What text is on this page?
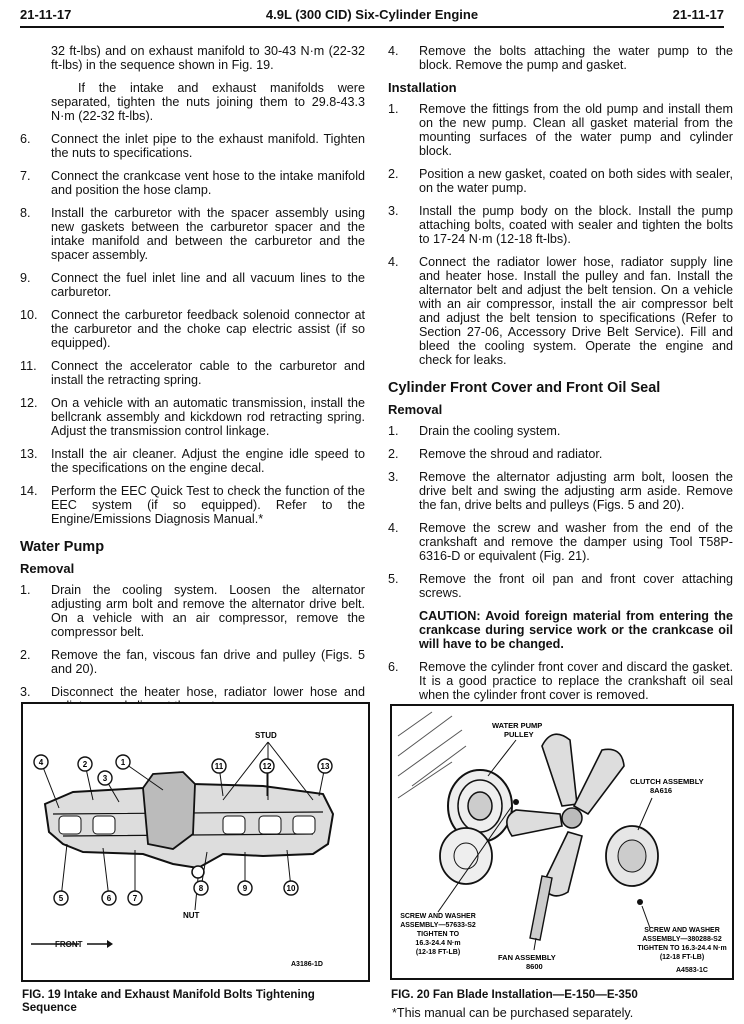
21-11-17	4.9L (300 CID) Six-Cylinder Engine	21-11-17

32 ft-lbs) and on exhaust manifold to 30-43 N·m (22-32 ft-lbs) in the sequence shown in Fig. 19.

If the intake and exhaust manifolds were separated, tighten the nuts joining them to 29.8-43.3 N·m (22-32 ft-lbs).

6.	Connect the inlet pipe to the exhaust manifold. Tighten the nuts to specifications.
7.	Connect the crankcase vent hose to the intake manifold and position the hose clamp.
8.	Install the carburetor with the spacer assembly using new gaskets between the carburetor spacer and the intake manifold and between the carburetor and the spacer assembly.
9.	Connect the fuel inlet line and all vacuum lines to the carburetor.
10.	Connect the carburetor feedback solenoid connector at the carburetor and the choke cap electric assist (if so equipped).
11.	Connect the accelerator cable to the carburetor and install the retracting spring.
12.	On a vehicle with an automatic transmission, install the bellcrank assembly and kickdown rod retracting spring. Adjust the transmission control linkage.
13.	Install the air cleaner. Adjust the engine idle speed to the specifications on the engine decal.
14.	Perform the EEC Quick Test to check the function of the EEC system (if so equipped). Refer to the Engine/Emissions Diagnosis Manual.*
Water Pump
Removal
1.	Drain the cooling system. Loosen the alternator adjusting arm bolt and remove the alternator drive belt. On a vehicle with an air compressor, remove the compressor belt.
2.	Remove the fan, viscous fan drive and pulley (Figs. 5 and 20).
3.	Disconnect the heater hose, radiator lower hose and
4.	Remove the bolts attaching the water pump to the block. Remove the pump and gasket.
Installation
1.	Remove the fittings from the old pump and install them on the new pump. Clean all gasket material from the mounting surfaces of the water pump and cylinder block.
2.	Position a new gasket, coated on both sides with sealer, on the water pump.
3.	Install the pump body on the block. Install the pump attaching bolts, coated with sealer and tighten the bolts to 17-24 N·m (12-18 ft-lbs).
4.	Connect the radiator lower hose, radiator supply line and heater hose. Install the pulley and fan. Install the alternator belt and adjust the belt tension. On a vehicle with an air compressor, install the air compressor belt and adjust the belt tension to specifications (Refer to Section 27-06, Accessory Drive Belt Service). Fill and bleed the cooling system. Operate the engine and check for leaks.
Cylinder Front Cover and Front Oil Seal
Removal
1.	Drain the cooling system.
2.	Remove the shroud and radiator.
3.	Remove the alternator adjusting arm bolt, loosen the drive belt and swing the adjusting arm aside. Remove the fan, drive belts and pulleys (Figs. 5 and 20).
4.	Remove the screw and washer from the end of the crankshaft and remove the damper using Tool T58P-6316-D or equivalent (Fig. 21).
5.	Remove the front oil pan and front cover attaching screws.
CAUTION: Avoid foreign material from entering the crankcase during service work or the crankcase oil will have to be changed.
6.	Remove the cylinder front cover and discard the gasket. It is a good practice to replace the crankshaft oil seal when the cylinder front cover is removed.
STUD
NUT
4	2
3
1	11	12	13
5	6	7
8	9	10
FRONT
A3186-1D
FIG. 19 Intake and Exhaust Manifold Bolts Tightening Sequence
WATER PUMP
PULLEY
CLUTCH ASSEMBLY
8A616
SCREW AND WASHER
ASSEMBLY—57633-S2
TIGHTEN TO
16.3-24.4 N·m
(12-18 FT-LB)
SCREW AND WASHER
ASSEMBLY—380288-S2
TIGHTEN TO 16.3-24.4 N·m
(12-18 FT-LB)
FAN ASSEMBLY
8600	A4583-1C
FIG. 20 Fan Blade Installation—E-150—E-350
*This manual can be purchased separately.
